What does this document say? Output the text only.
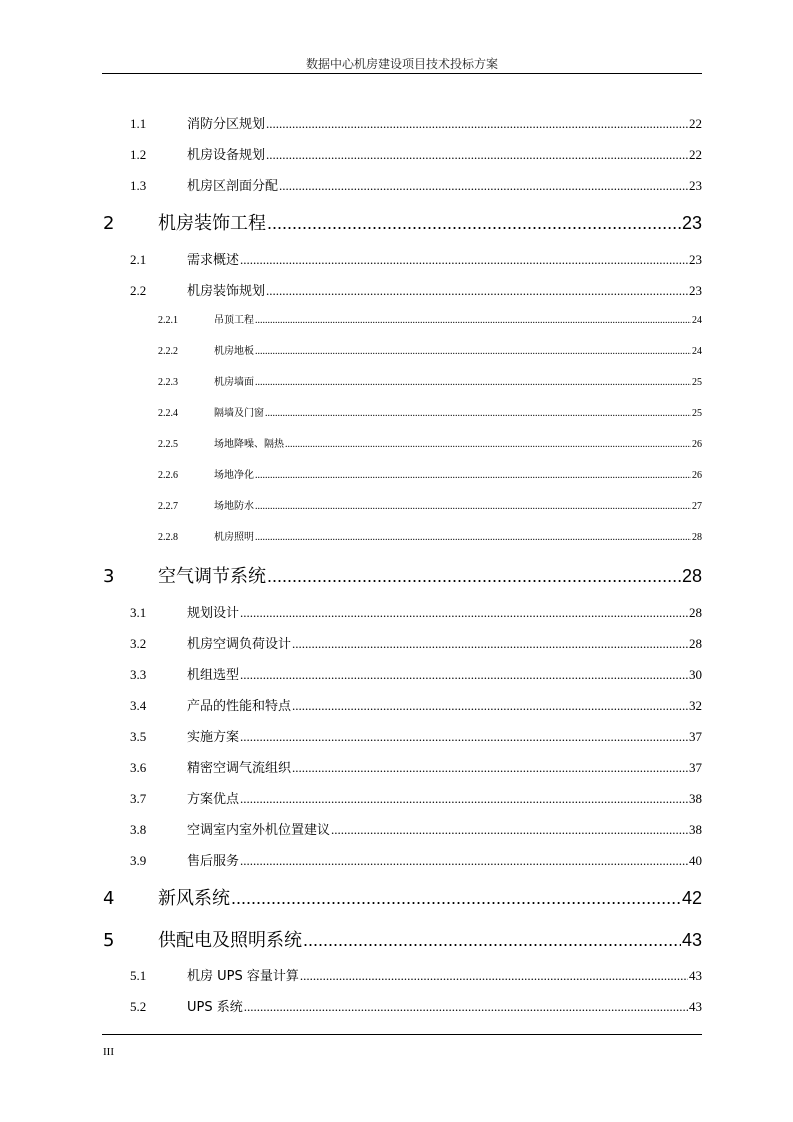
数据中心机房建设项目技术投标方案
1.1	消防分区规划 .....	22
1.2	机房设备规划 .....	22
1.3	机房区剖面分配 .....	23
2	机房装饰工程 .....	23
2.1	需求概述 .....	23
2.2	机房装饰规划 .....	23
2.2.1	吊顶工程 .....	24
2.2.2	机房地板 .....	24
2.2.3	机房墙面 .....	25
2.2.4	隔墙及门窗 .....	25
2.2.5	场地降噪、隔热 .....	26
2.2.6	场地净化 .....	26
2.2.7	场地防水 .....	27
2.2.8	机房照明 .....	28
3	空气调节系统 .....	28
3.1	规划设计 .....	28
3.2	机房空调负荷设计 .....	28
3.3	机组选型 .....	30
3.4	产品的性能和特点 .....	32
3.5	实施方案 .....	37
3.6	精密空调气流组织 .....	37
3.7	方案优点 .....	38
3.8	空调室内室外机位置建议 .....	38
3.9	售后服务 .....	40
4	新风系统 .....	42
5	供配电及照明系统 .....	43
5.1	机房 UPS 容量计算 .....	43
5.2	UPS 系统 .....	43
III
